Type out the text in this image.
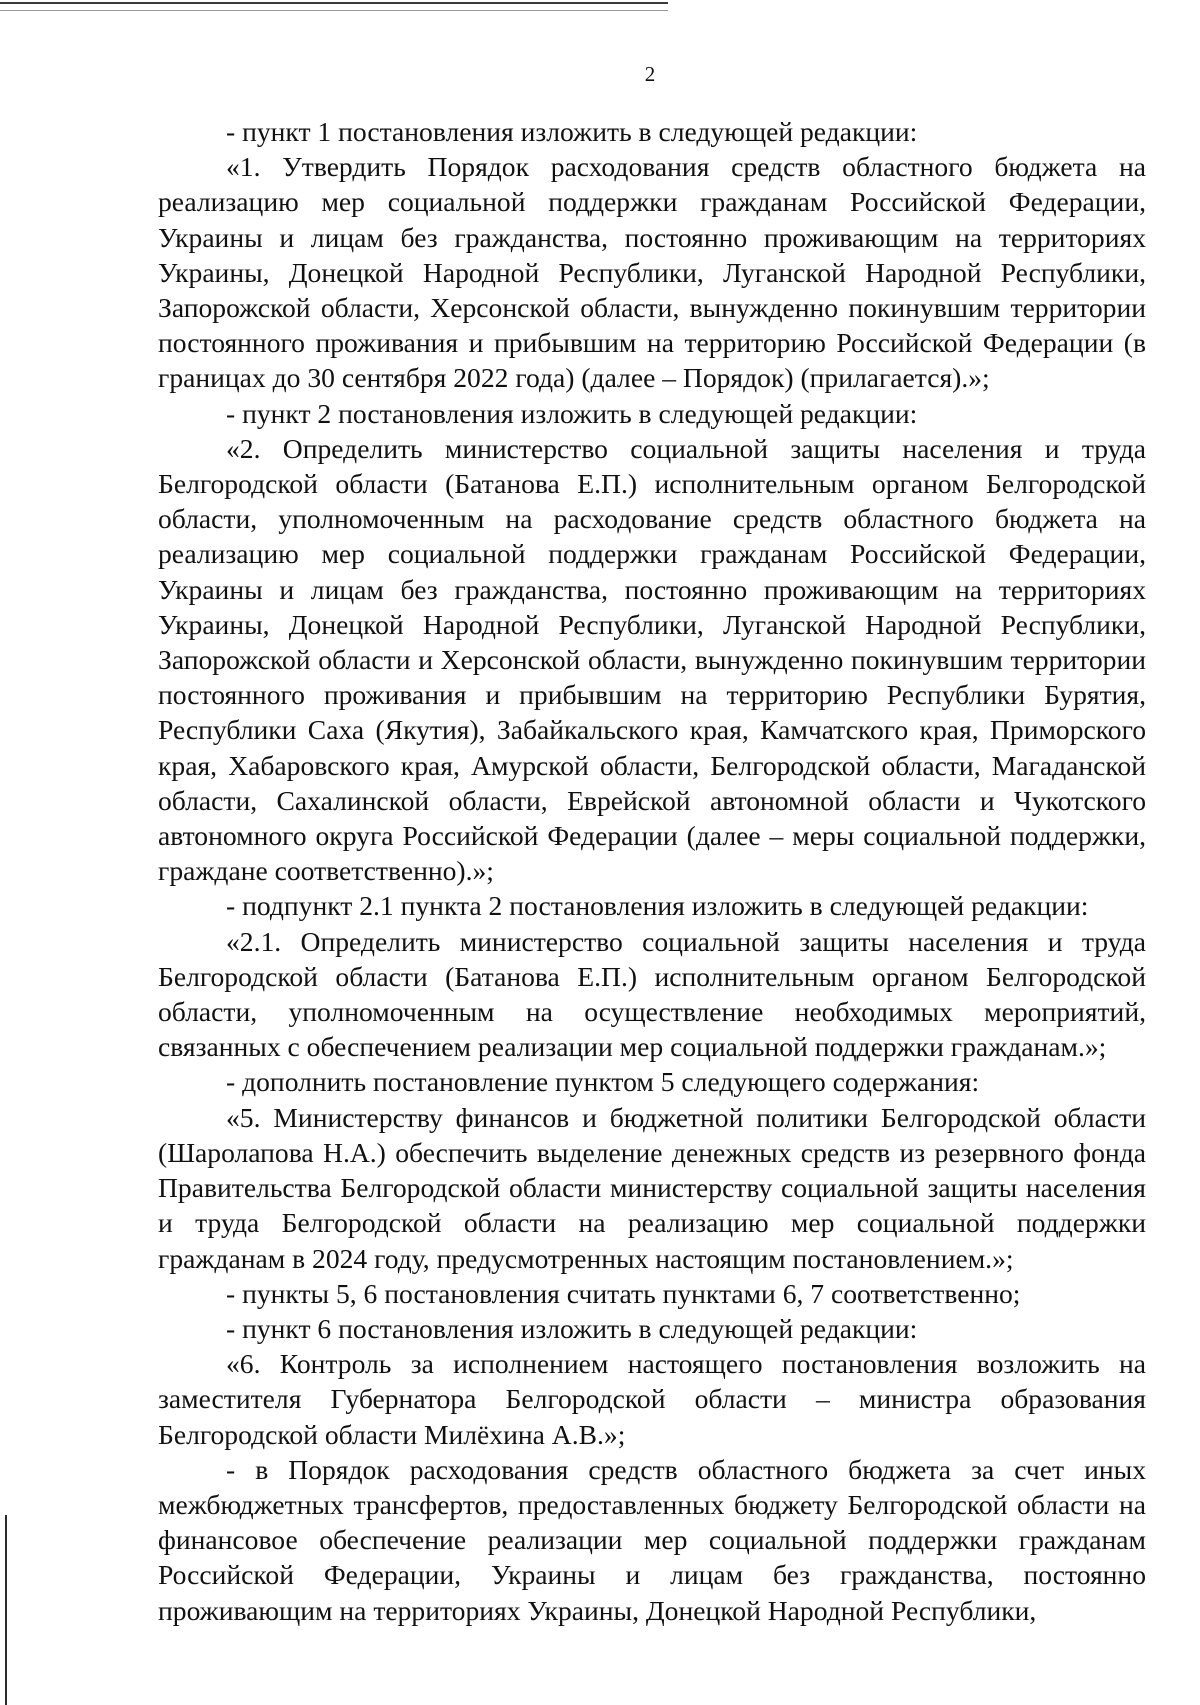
2

- пункт 1 постановления изложить в следующей редакции:

«1. Утвердить Порядок расходования средств областного бюджета на реализацию мер социальной поддержки гражданам Российской Федерации, Украины и лицам без гражданства, постоянно проживающим на территориях Украины, Донецкой Народной Республики, Луганской Народной Республики, Запорожской области, Херсонской области, вынужденно покинувшим территории постоянного проживания и прибывшим на территорию Российской Федерации (в границах до 30 сентября 2022 года) (далее – Порядок) (прилагается).»;

- пункт 2 постановления изложить в следующей редакции:

«2. Определить министерство социальной защиты населения и труда Белгородской области (Батанова Е.П.) исполнительным органом Белгородской области, уполномоченным на расходование средств областного бюджета на реализацию мер социальной поддержки гражданам Российской Федерации, Украины и лицам без гражданства, постоянно проживающим на территориях Украины, Донецкой Народной Республики, Луганской Народной Республики, Запорожской области и Херсонской области, вынужденно покинувшим территории постоянного проживания и прибывшим на территорию Республики Бурятия, Республики Саха (Якутия), Забайкальского края, Камчатского края, Приморского края, Хабаровского края, Амурской области, Белгородской области, Магаданской области, Сахалинской области, Еврейской автономной области и Чукотского автономного округа Российской Федерации (далее – меры социальной поддержки, граждане соответственно).»;

- подпункт 2.1 пункта 2 постановления изложить в следующей редакции:

«2.1. Определить министерство социальной защиты населения и труда Белгородской области (Батанова Е.П.) исполнительным органом Белгородской области, уполномоченным на осуществление необходимых мероприятий, связанных с обеспечением реализации мер социальной поддержки гражданам.»;

- дополнить постановление пунктом 5 следующего содержания:

«5. Министерству финансов и бюджетной политики Белгородской области (Шаролапова Н.А.) обеспечить выделение денежных средств из резервного фонда Правительства Белгородской области министерству социальной защиты населения и труда Белгородской области на реализацию мер социальной поддержки гражданам в 2024 году, предусмотренных настоящим постановлением.»;

- пункты 5, 6 постановления считать пунктами 6, 7 соответственно;

- пункт 6 постановления изложить в следующей редакции:

«6. Контроль за исполнением настоящего постановления возложить на заместителя Губернатора Белгородской области – министра образования Белгородской области Милёхина А.В.»;

- в Порядок расходования средств областного бюджета за счет иных межбюджетных трансфертов, предоставленных бюджету Белгородской области на финансовое обеспечение реализации мер социальной поддержки гражданам Российской Федерации, Украины и лицам без гражданства, постоянно проживающим на территориях Украины, Донецкой Народной Республики,
